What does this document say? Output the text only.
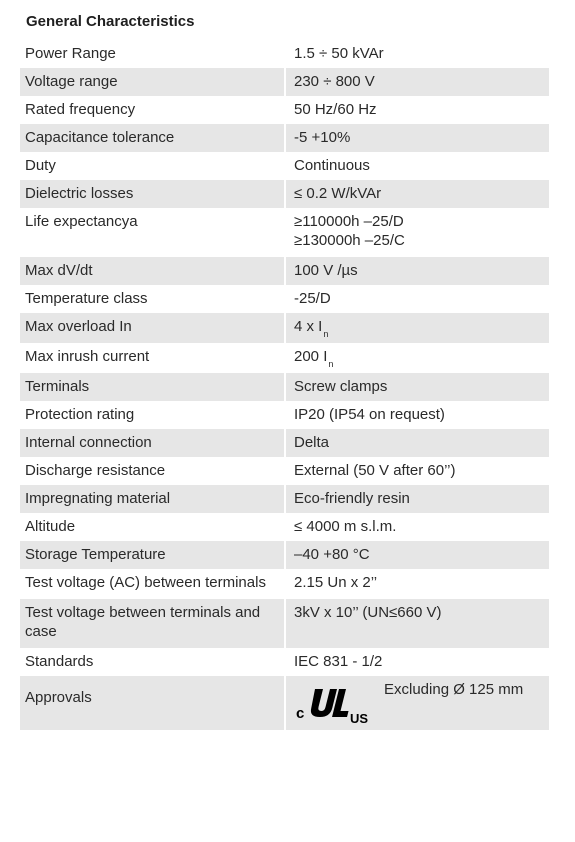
General Characteristics
Power Range	1.5 ÷ 50 kVAr
Voltage range	230 ÷ 800 V
Rated frequency	50 Hz/60 Hz
Capacitance tolerance	-5 +10%
Duty	Continuous
Dielectric losses	≤ 0.2 W/kVAr
Life expectancya	≥110000h –25/D
≥130000h –25/C

Max dV/dt	100 V /µs
Temperature class	-25/D
Max overload In	4 x $I_n$
Max inrush current	200 $I_n$
Terminals	Screw clamps
Protection rating	IP20 (IP54 on request)
Internal connection	Delta
Discharge resistance	External (50 V after 60’’)
Impregnating material	Eco-friendly resin
Altitude	≤ 4000 m s.l.m.
Storage Temperature	–40 +80 °C
Test voltage (AC) between terminals	2.15 Un x 2’’
Test voltage between terminals and case	3kV x 10’’ (UN≤660 V)
Standards	IEC 831 - 1/2
Approvals	c US
Excluding Ø 125 mm
